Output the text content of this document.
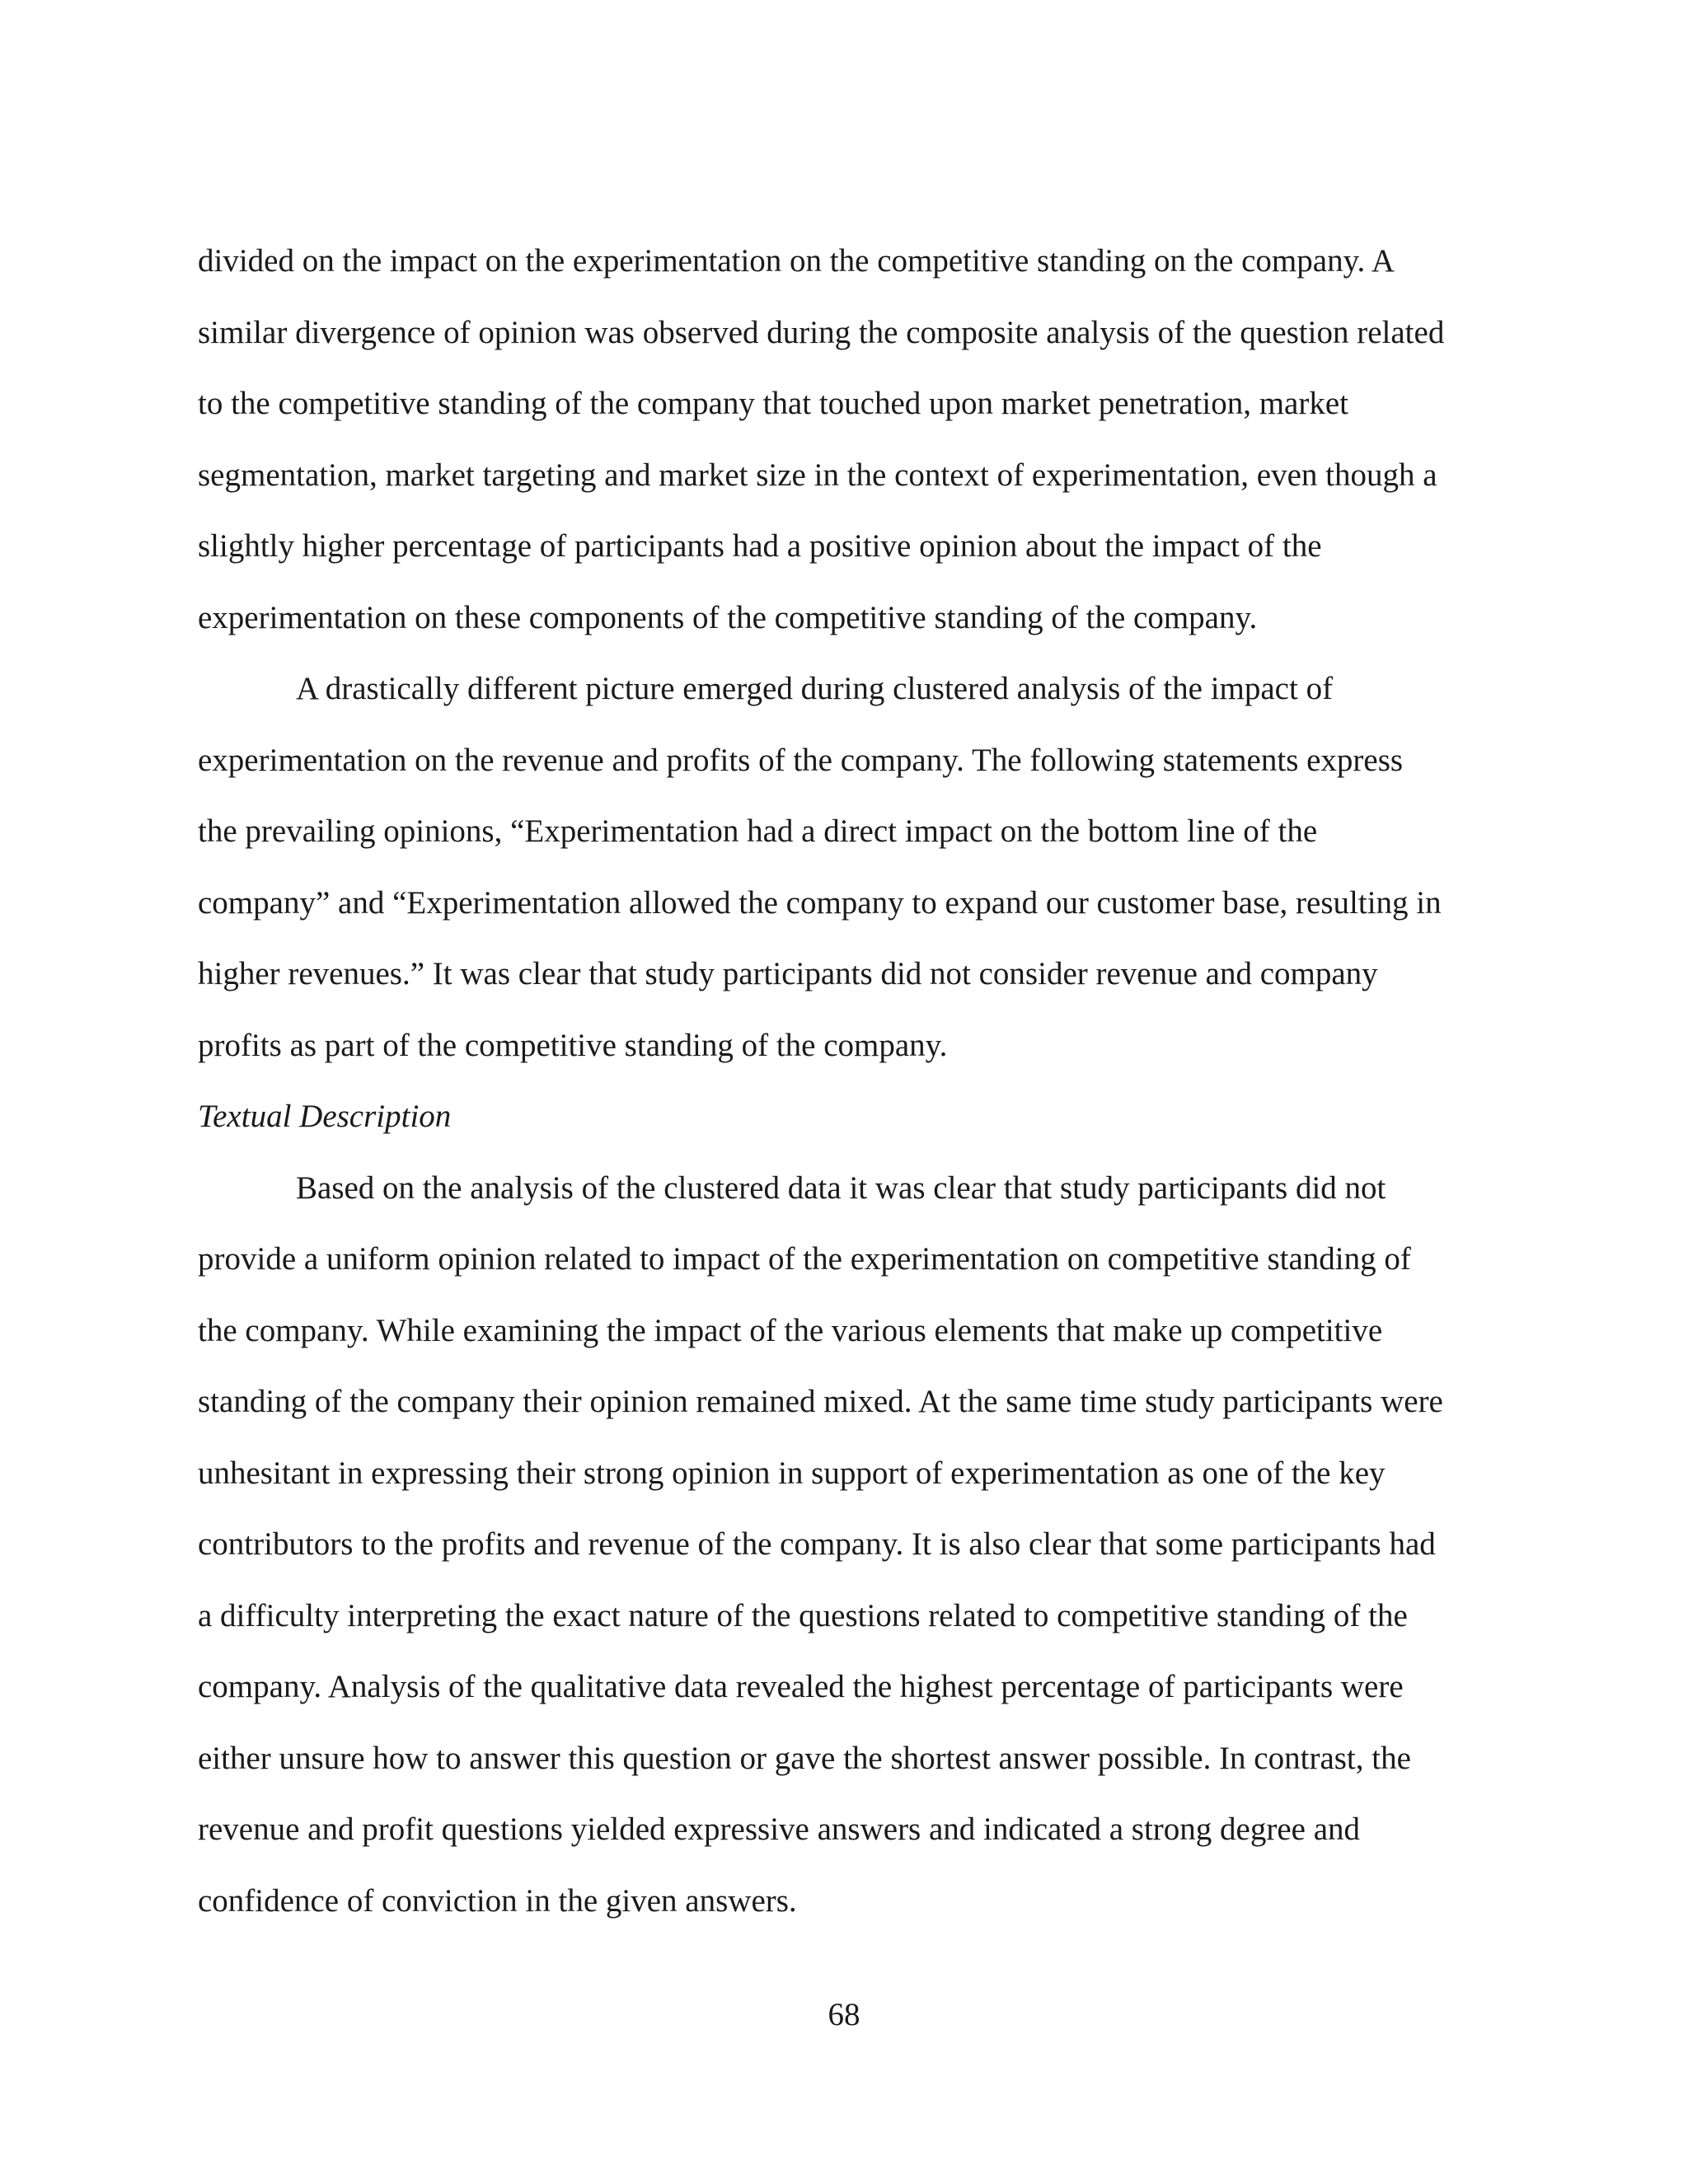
divided on the impact on the experimentation on the competitive standing on the company. A
similar divergence of opinion was observed during the composite analysis of the question related
to the competitive standing of the company that touched upon market penetration, market
segmentation, market targeting and market size in the context of experimentation, even though a
slightly higher percentage of participants had a positive opinion about the impact of the
experimentation on these components of the competitive standing of the company.
A drastically different picture emerged during clustered analysis of the impact of
experimentation on the revenue and profits of the company. The following statements express
the prevailing opinions, “Experimentation had a direct impact on the bottom line of the
company” and “Experimentation allowed the company to expand our customer base, resulting in
higher revenues.” It was clear that study participants did not consider revenue and company
profits as part of the competitive standing of the company.
Textual Description
Based on the analysis of the clustered data it was clear that study participants did not
provide a uniform opinion related to impact of the experimentation on competitive standing of
the company. While examining the impact of the various elements that make up competitive
standing of the company their opinion remained mixed. At the same time study participants were
unhesitant in expressing their strong opinion in support of experimentation as one of the key
contributors to the profits and revenue of the company. It is also clear that some participants had
a difficulty interpreting the exact nature of the questions related to competitive standing of the
company. Analysis of the qualitative data revealed the highest percentage of participants were
either unsure how to answer this question or gave the shortest answer possible. In contrast, the
revenue and profit questions yielded expressive answers and indicated a strong degree and
confidence of conviction in the given answers.
68
